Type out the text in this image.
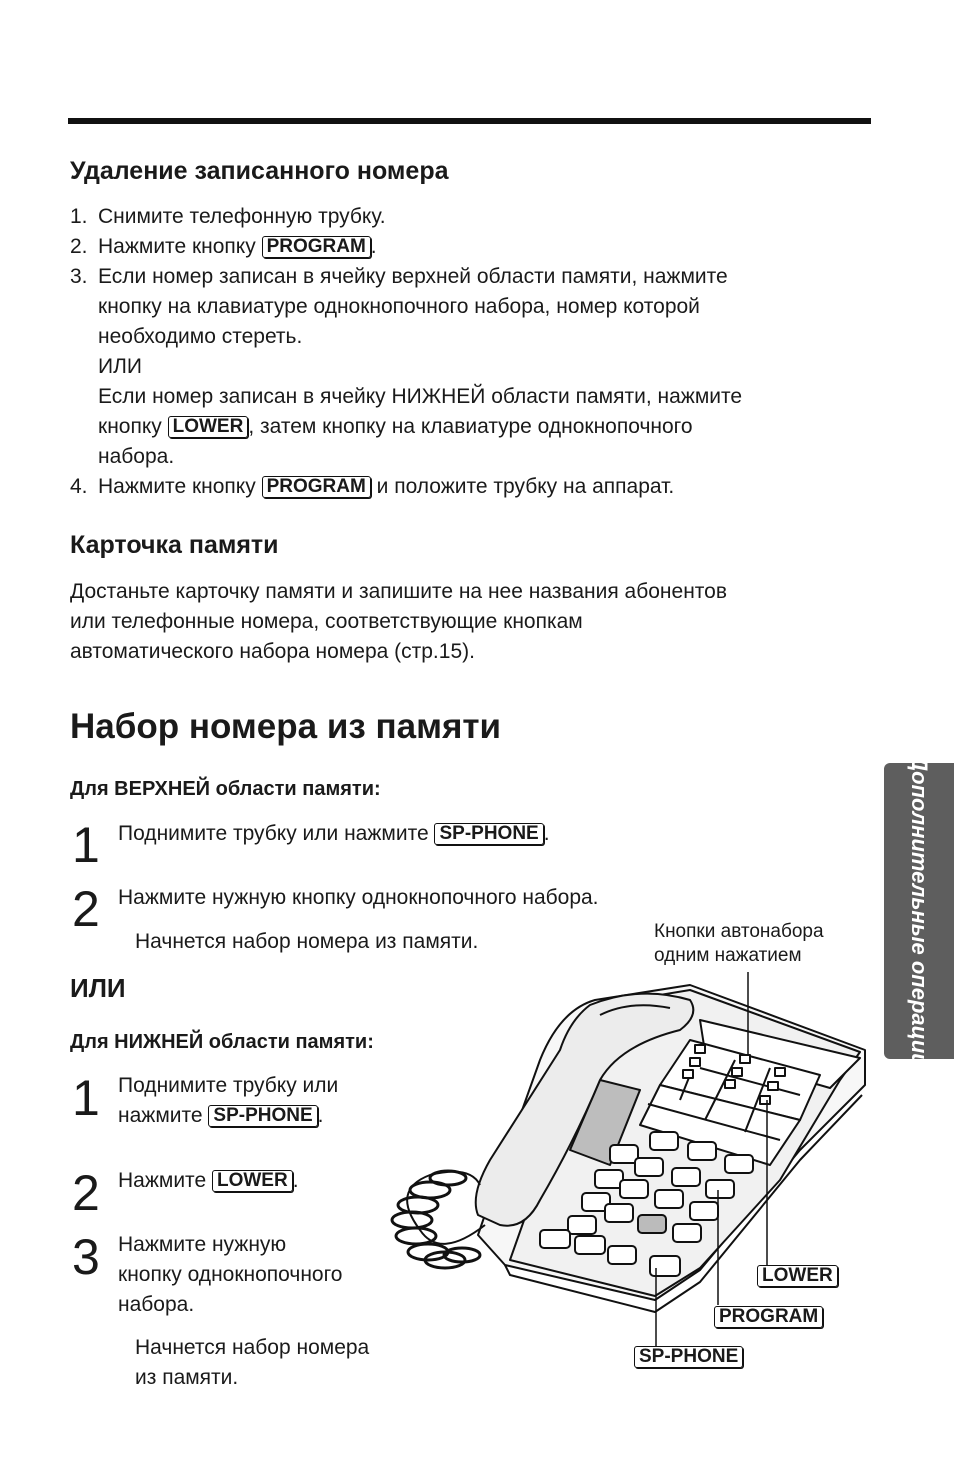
Удаление записанного номера
1. Снимите телефонную трубку.
2. Нажмите кнопку PROGRAM .
3. Если номер записан в ячейку верхней области памяти, нажмите
кнопку на клавиатуре однокнопочного набора, номер которой
необходимо стереть.
ИЛИ
Если номер записан в ячейку НИЖНЕЙ области памяти, нажмите
кнопку LOWER , затем кнопку на клавиатуре однокнопочного
набора.
4. Нажмите кнопку PROGRAM и положите трубку на аппарат.
Карточка памяти
Достаньте карточку памяти и запишите на нее названия абонентов
или телефонные номера, соответствующие кнопкам
автоматического набора номера (стр.15).
Набор номера из памяти
Для ВЕРХНЕЙ области памяти:
1 Поднимите трубку или нажмите SP-PHONE .
2 Нажмите нужную кнопку однокнопочного набора.
Начнется набор номера из памяти.
ИЛИ
Для НИЖНЕЙ области памяти:
1 Поднимите трубку или
нажмите SP-PHONE .
2 Нажмите LOWER .
3 Нажмите нужную
кнопку однокнопочного
набора.
Начнется набор номера
из памяти.
Дополнительные операции
Кнопки автонабора
одним нажатием
LOWER
PROGRAM
SP-PHONE
